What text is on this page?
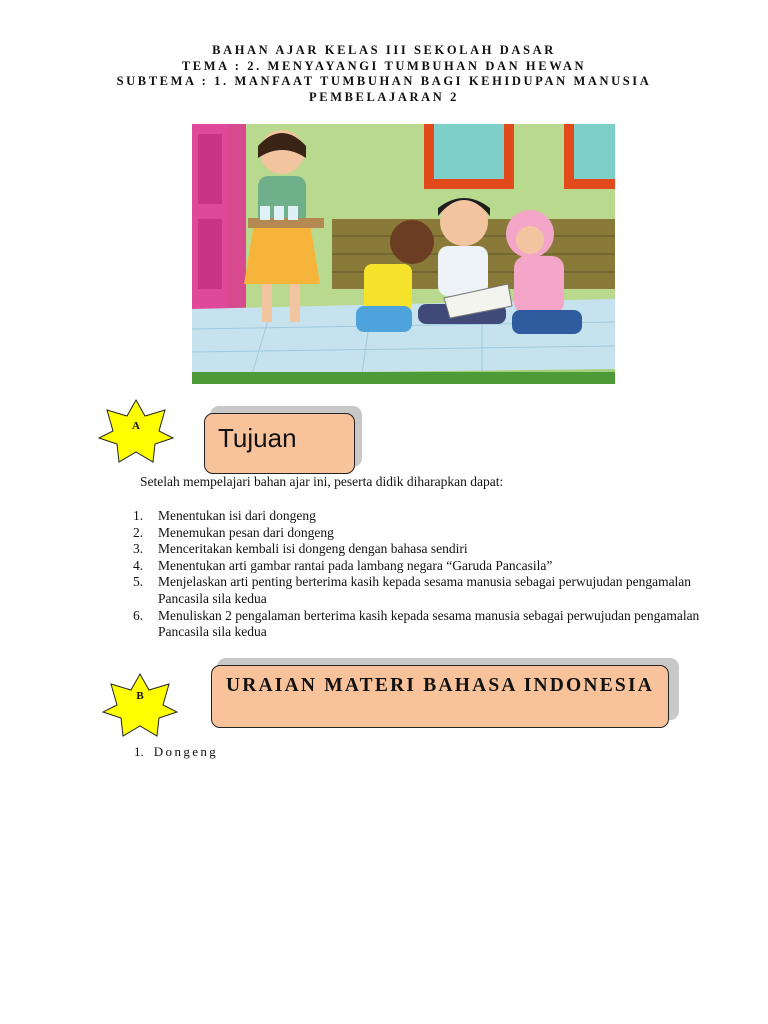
BAHAN AJAR KELAS III SEKOLAH DASAR
TEMA : 2. MENYAYANGI TUMBUHAN DAN HEWAN
SUBTEMA : 1. MANFAAT TUMBUHAN BAGI KEHIDUPAN MANUSIA
PEMBELAJARAN 2
A	Tujuan
Setelah mempelajari bahan ajar ini, peserta didik diharapkan dapat:
1. Menentukan isi dari dongeng
2. Menemukan pesan dari dongeng
3. Menceritakan kembali isi dongeng dengan bahasa sendiri
4. Menentukan arti gambar rantai pada lambang negara “Garuda Pancasila”
5. Menjelaskan arti penting berterima kasih kepada sesama manusia sebagai perwujudan pengamalan Pancasila sila kedua
6. Menuliskan 2 pengalaman berterima kasih kepada sesama manusia sebagai perwujudan pengamalan Pancasila sila kedua
B	URAIAN MATERI BAHASA INDONESIA
1. Dongeng
